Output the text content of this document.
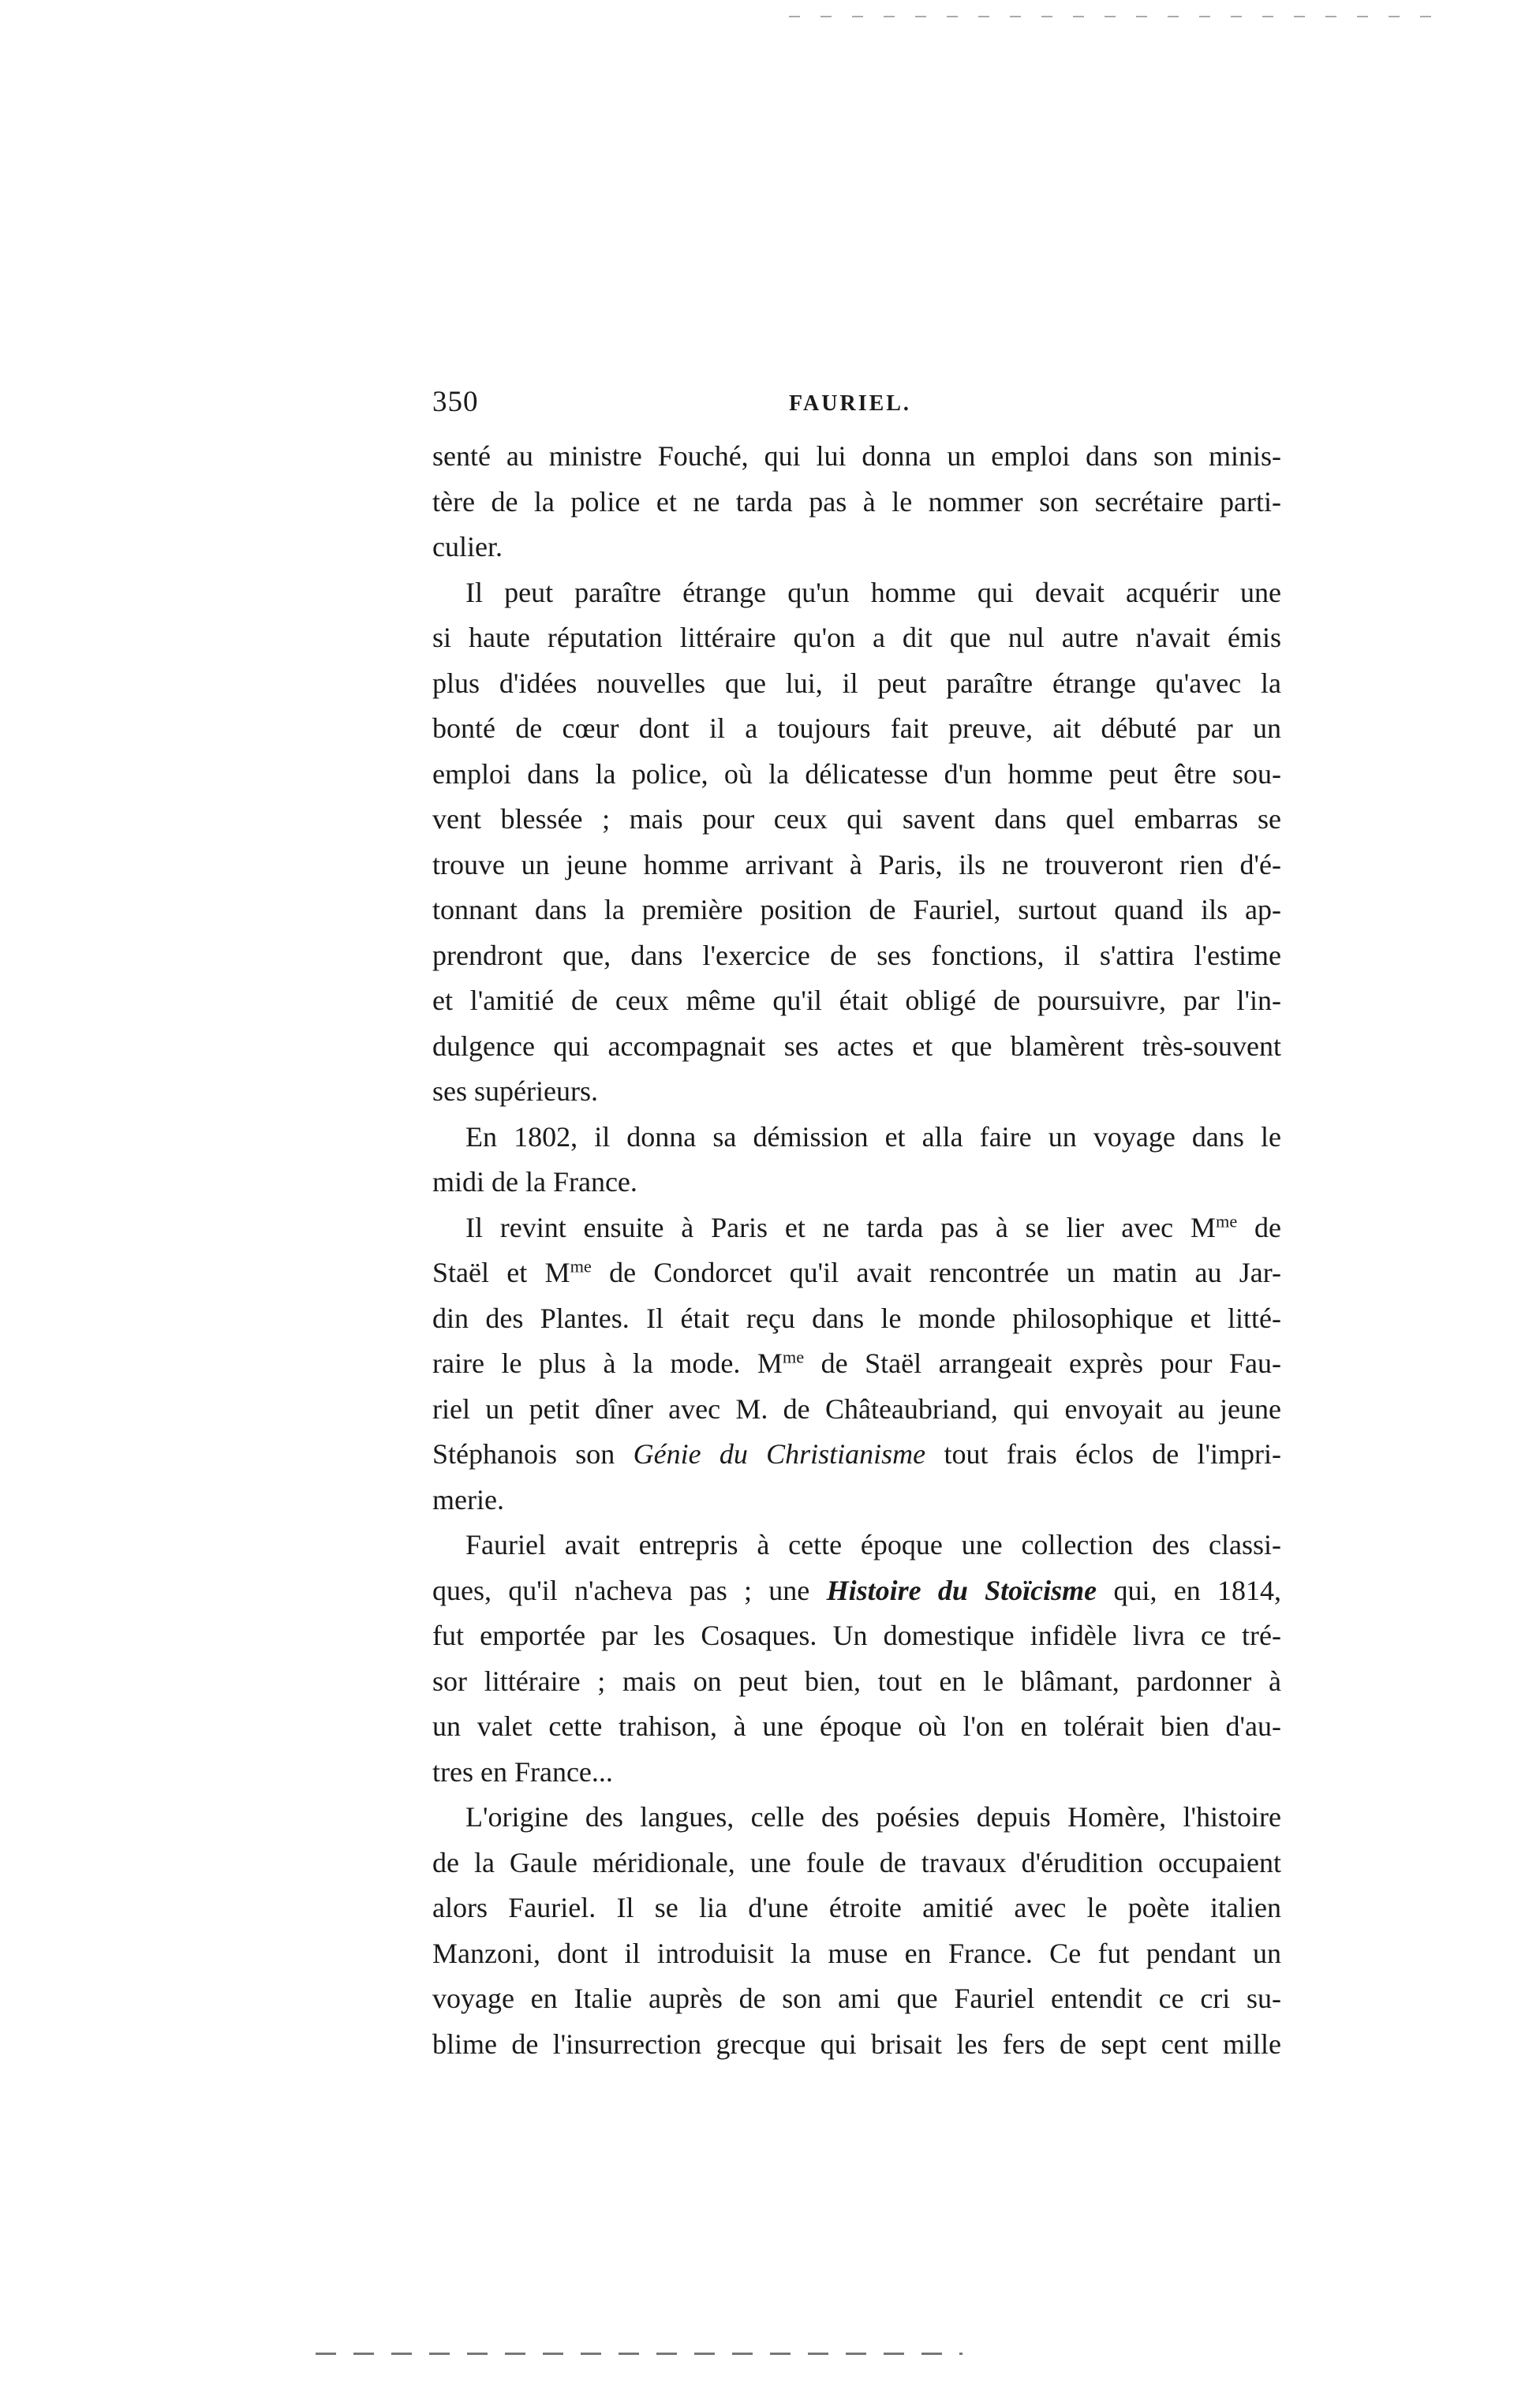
350	FAURIEL.
senté au ministre Fouché, qui lui donna un emploi dans son minis-
tère de la police et ne tarda pas à le nommer son secrétaire parti-
culier.
Il peut paraître étrange qu'un homme qui devait acquérir une
si haute réputation littéraire qu'on a dit que nul autre n'avait émis
plus d'idées nouvelles que lui, il peut paraître étrange qu'avec la
bonté de cœur dont il a toujours fait preuve, ait débuté par un
emploi dans la police, où la délicatesse d'un homme peut être sou-
vent blessée ; mais pour ceux qui savent dans quel embarras se
trouve un jeune homme arrivant à Paris, ils ne trouveront rien d'é-
tonnant dans la première position de Fauriel, surtout quand ils ap-
prendront que, dans l'exercice de ses fonctions, il s'attira l'estime
et l'amitié de ceux même qu'il était obligé de poursuivre, par l'in-
dulgence qui accompagnait ses actes et que blamèrent très-souvent
ses supérieurs.
En 1802, il donna sa démission et alla faire un voyage dans le
midi de la France.
Il revint ensuite à Paris et ne tarda pas à se lier avec $M^{me}$ de
Staël et $M^{me}$ de Condorcet qu'il avait rencontrée un matin au Jar-
din des Plantes. Il était reçu dans le monde philosophique et litté-
raire le plus à la mode. $M^{me}$ de Staël arrangeait exprès pour Fau-
riel un petit dîner avec M. de Châteaubriand, qui envoyait au jeune
Stéphanois son Génie du Christianisme tout frais éclos de l'impri-
merie.
Fauriel avait entrepris à cette époque une collection des classi-
ques, qu'il n'acheva pas ; une Histoire du Stoïcisme qui, en 1814,
fut emportée par les Cosaques. Un domestique infidèle livra ce tré-
sor littéraire ; mais on peut bien, tout en le blâmant, pardonner à
un valet cette trahison, à une époque où l'on en tolérait bien d'au-
tres en France...
L'origine des langues, celle des poésies depuis Homère, l'histoire
de la Gaule méridionale, une foule de travaux d'érudition occupaient
alors Fauriel. Il se lia d'une étroite amitié avec le poète italien
Manzoni, dont il introduisit la muse en France. Ce fut pendant un
voyage en Italie auprès de son ami que Fauriel entendit ce cri su-
blime de l'insurrection grecque qui brisait les fers de sept cent mille
